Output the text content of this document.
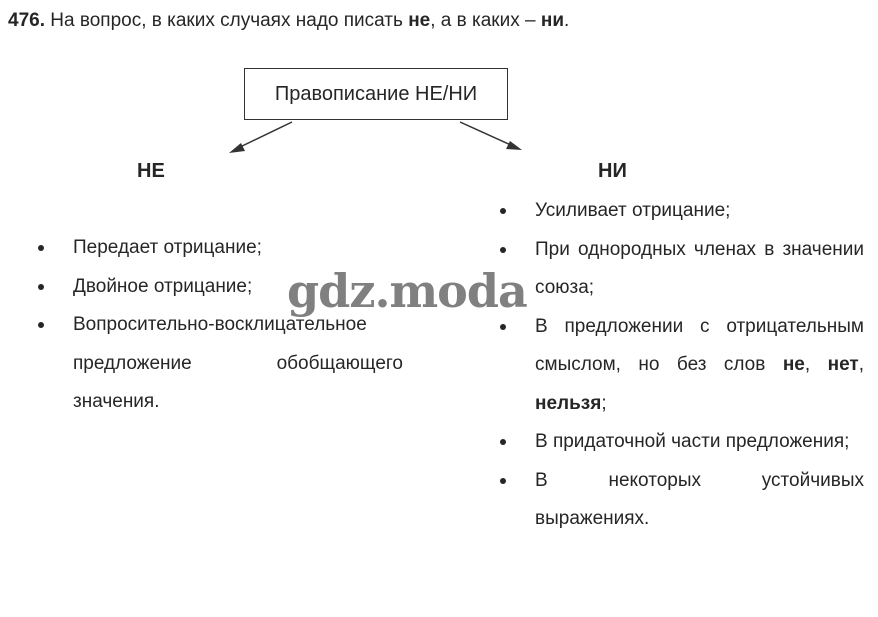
476. На вопрос, в каких случаях надо писать не, а в каких – ни.
Правописание НЕ/НИ
НЕ	НИ
Передает отрицание;
Двойное отрицание;
Вопросительно-восклицательное предложение обобщающего значения.
Усиливает отрицание;
При однородных членах в значении союза;
В предложении с отрицательным смыслом, но без слов не, нет, нельзя;
В придаточной части предложения;
В некоторых устойчивых выражениях.
gdz.moda
